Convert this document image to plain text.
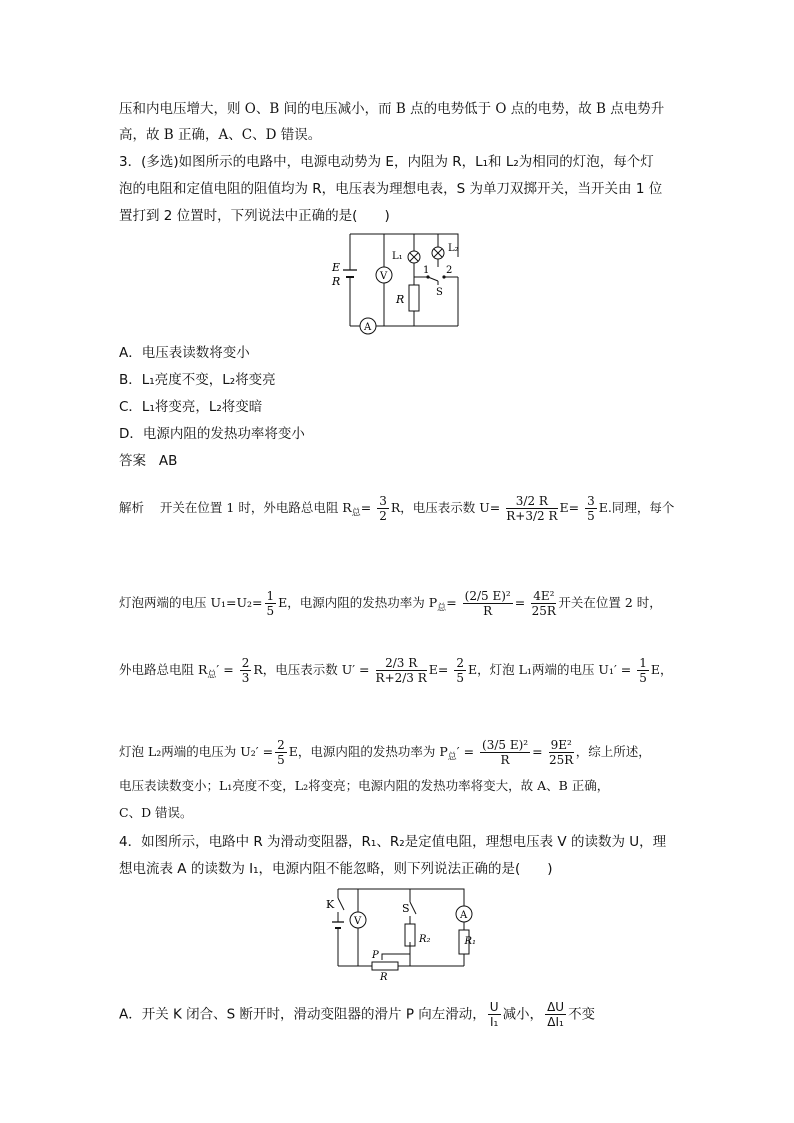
压和内电压增大，则 O、B 间的电压减小，而 B 点的电势低于 O 点的电势，故 B 点电势升
高，故 B 正确，A、C、D 错误。
3．(多选)如图所示的电路中，电源电动势为 E，内阻为 R，L₁和 L₂为相同的灯泡，每个灯
泡的电阻和定值电阻的阻值均为 R，电压表为理想电表，S 为单刀双掷开关，当开关由 1 位
置打到 2 位置时，下列说法中正确的是(　　)
E
R	V
A
L₁
L₂
1 2
S
R
A．电压表读数将变小
B．L₁亮度不变，L₂将变亮
C．L₁将变亮，L₂将变暗
D．电源内阻的发热功率将变小
答案 AB
解析 开关在位置 1 时，外电路总电阻 $R_总= \frac{3}{2}$ R，电压表示数 $U= \frac{3/2 R}{R+3/2 R} E= \frac{3}{5} E$.同理，每个
灯泡两端的电压 $U_1=U_2= \frac{1}{5}$ E，电源内阻的发热功率为 $P_总= \frac{\text{(2/5 E)²}}{R} = \frac{\text{4E²}}{25R}$ 开关在位置 2 时，
外电路总电阻 $R_总' = \frac{2}{3}$ R，电压表示数 $U' = \frac{2/3 R}{R+2/3 R} E= \frac{2}{5}$ E，灯泡 L₁两端的电压 $U_1' = \frac{1}{5}$ E，
灯泡 L₂两端的电压为 $U_2' = \frac{2}{5}$ E，电源内阻的发热功率为 $P_总' = \frac{\text{(3/5 E)²}}{R} = \frac{\text{9E²}}{25R}$ ，综上所述，
电压表读数变小；L₁亮度不变，L₂将变亮；电源内阻的发热功率将变大，故 A、B 正确，
C、D 错误。
4．如图所示，电路中 R 为滑动变阻器，R₁、R₂是定值电阻，理想电压表 V 的读数为 U，理
想电流表 A 的读数为 I₁，电源内阻不能忽略，则下列说法正确的是(　　)
K
V
S
A
R₂	R₁
P
R
A．开关 K 闭合、S 断开时，滑动变阻器的滑片 P 向左滑动， $\frac{U}{\text{I₁}}$ 减小， $\frac{\Delta U}{\text{ΔI₁}}$ 不变
